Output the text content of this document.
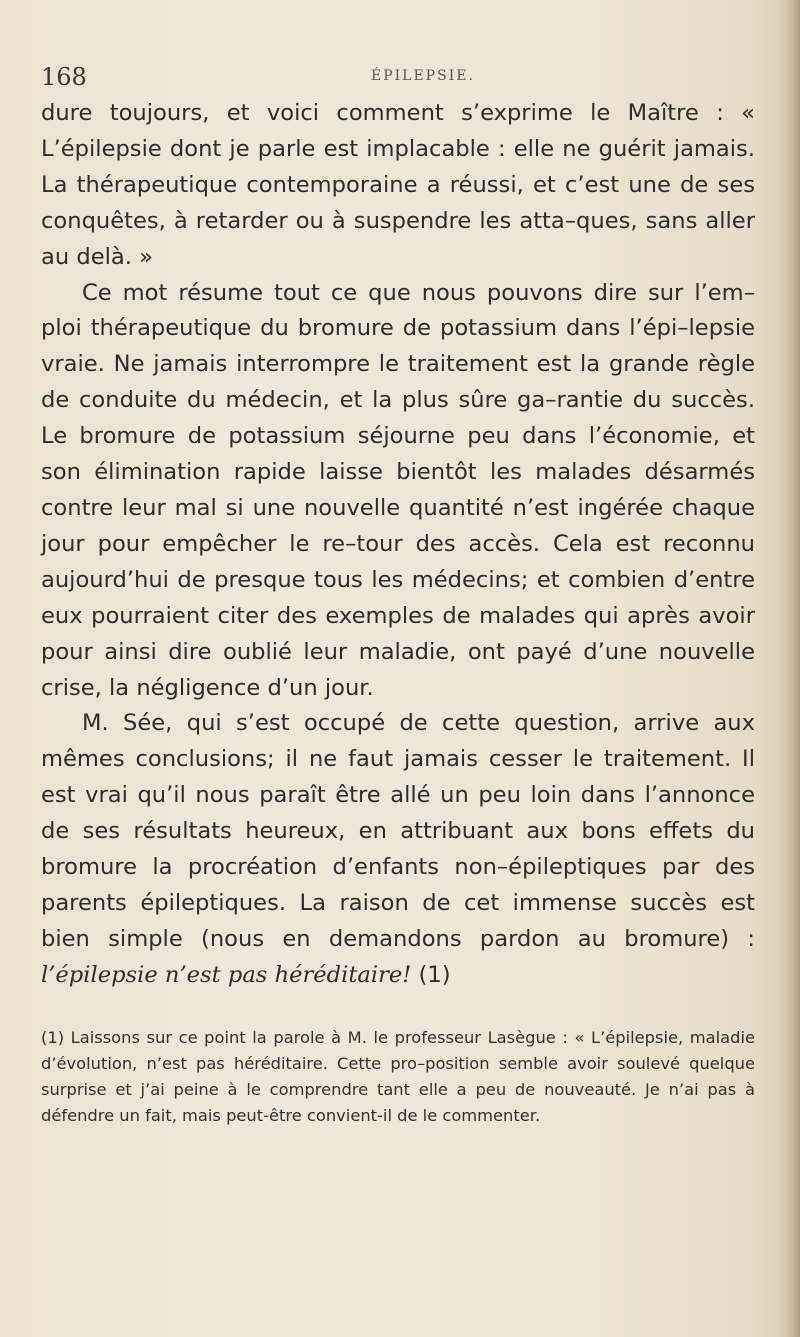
168	ÉPILEPSIE.

dure toujours, et voici comment s’exprime le Maître : « L’épilepsie dont je parle est implacable : elle ne guérit jamais. La thérapeutique contemporaine a réussi, et c’est une de ses conquêtes, à retarder ou à suspendre les atta–ques, sans aller au delà. »

Ce mot résume tout ce que nous pouvons dire sur l’em–ploi thérapeutique du bromure de potassium dans l’épi–lepsie vraie. Ne jamais interrompre le traitement est la grande règle de conduite du médecin, et la plus sûre ga–rantie du succès. Le bromure de potassium séjourne peu dans l’économie, et son élimination rapide laisse bientôt les malades désarmés contre leur mal si une nouvelle quantité n’est ingérée chaque jour pour empêcher le re–tour des accès. Cela est reconnu aujourd’hui de presque tous les médecins; et combien d’entre eux pourraient citer des exemples de malades qui après avoir pour ainsi dire oublié leur maladie, ont payé d’une nouvelle crise, la négligence d’un jour.

M. Sée, qui s’est occupé de cette question, arrive aux mêmes conclusions; il ne faut jamais cesser le traitement. Il est vrai qu’il nous paraît être allé un peu loin dans l’annonce de ses résultats heureux, en attribuant aux bons effets du bromure la procréation d’enfants non–épileptiques par des parents épileptiques. La raison de cet immense succès est bien simple (nous en demandons pardon au bromure) : l’épilepsie n’est pas héréditaire! (1)

(1) Laissons sur ce point la parole à M. le professeur Lasègue : « L’épilepsie, maladie d’évolution, n’est pas héréditaire. Cette pro–position semble avoir soulevé quelque surprise et j’ai peine à le comprendre tant elle a peu de nouveauté. Je n’ai pas à défendre un fait, mais peut-être convient-il de le commenter.
